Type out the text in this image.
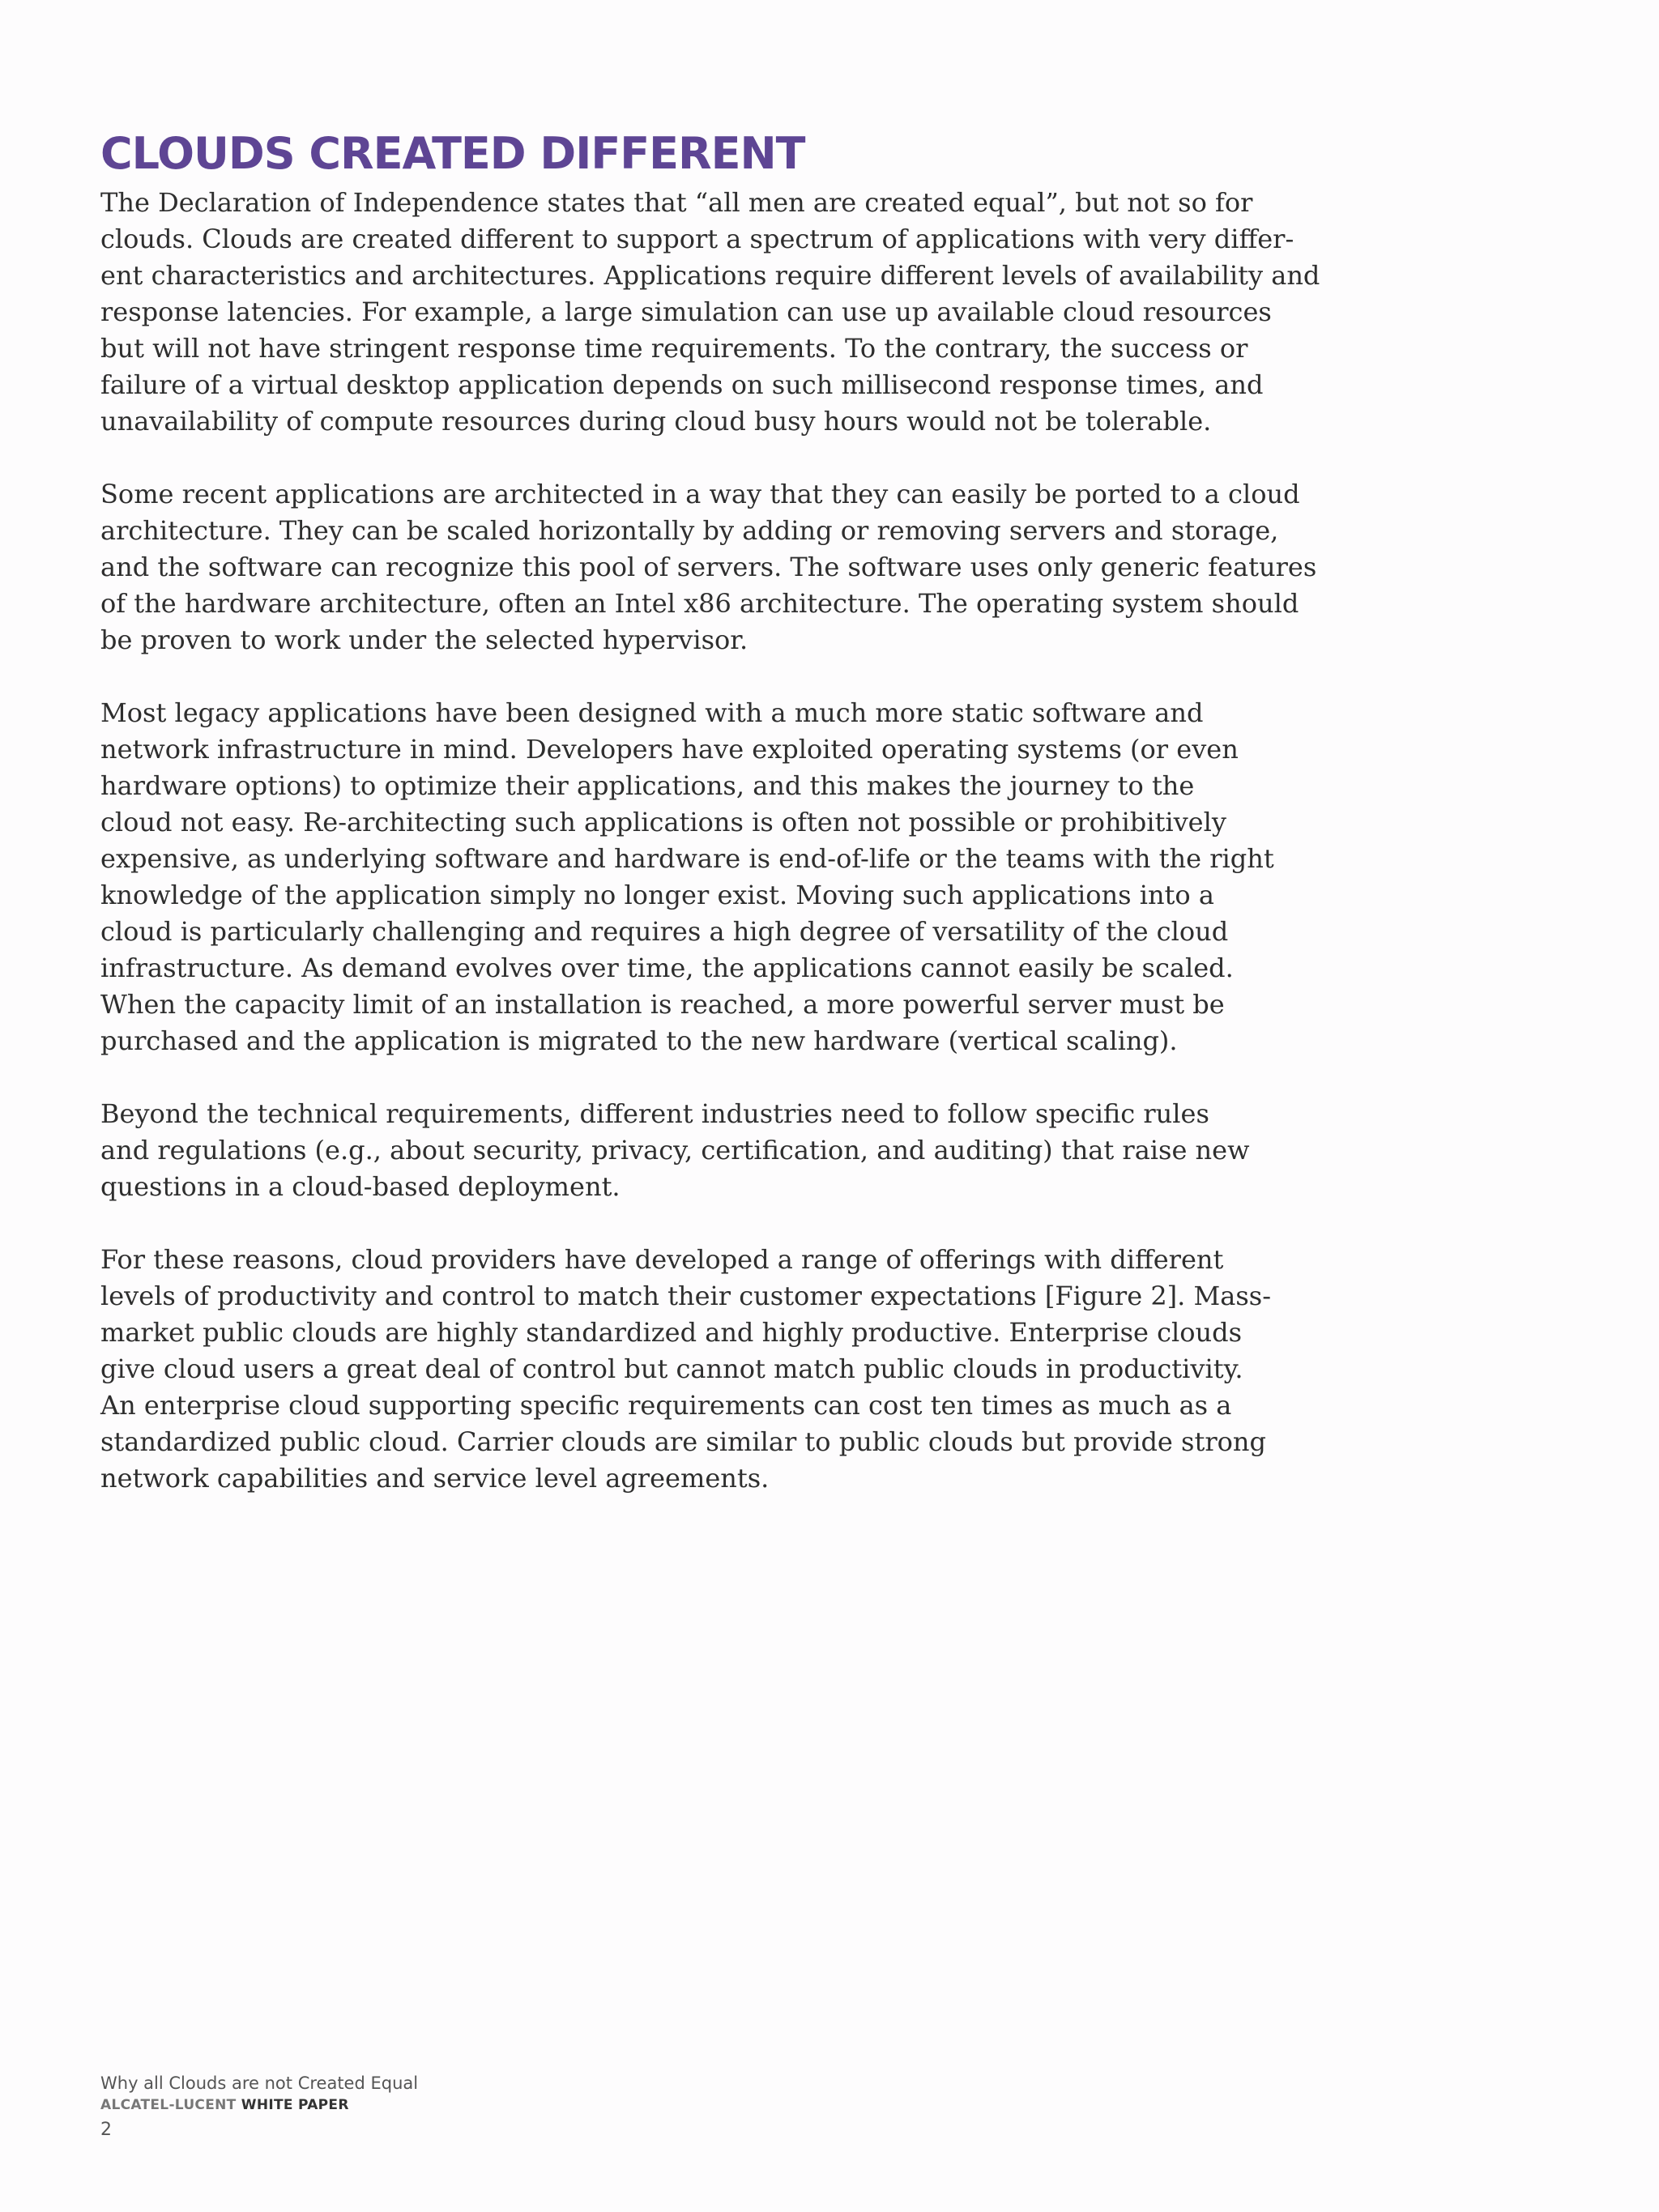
CLOUDS CREATED DIFFERENT

The Declaration of Independence states that “all men are created equal”, but not so for
clouds. Clouds are created different to support a spectrum of applications with very differ-
ent characteristics and architectures. Applications require different levels of availability and
response latencies. For example, a large simulation can use up available cloud resources
but will not have stringent response time requirements. To the contrary, the success or
failure of a virtual desktop application depends on such millisecond response times, and
unavailability of compute resources during cloud busy hours would not be tolerable.

Some recent applications are architected in a way that they can easily be ported to a cloud
architecture. They can be scaled horizontally by adding or removing servers and storage,
and the software can recognize this pool of servers. The software uses only generic features
of the hardware architecture, often an Intel x86 architecture. The operating system should
be proven to work under the selected hypervisor.

Most legacy applications have been designed with a much more static software and
network infrastructure in mind. Developers have exploited operating systems (or even
hardware options) to optimize their applications, and this makes the journey to the
cloud not easy. Re-architecting such applications is often not possible or prohibitively
expensive, as underlying software and hardware is end-of-life or the teams with the right
knowledge of the application simply no longer exist. Moving such applications into a
cloud is particularly challenging and requires a high degree of versatility of the cloud
infrastructure. As demand evolves over time, the applications cannot easily be scaled.
When the capacity limit of an installation is reached, a more powerful server must be
purchased and the application is migrated to the new hardware (vertical scaling).

Beyond the technical requirements, different industries need to follow specific rules
and regulations (e.g., about security, privacy, certification, and auditing) that raise new
questions in a cloud-based deployment.

For these reasons, cloud providers have developed a range of offerings with different
levels of productivity and control to match their customer expectations [Figure 2]. Mass-
market public clouds are highly standardized and highly productive. Enterprise clouds
give cloud users a great deal of control but cannot match public clouds in productivity.
An enterprise cloud supporting specific requirements can cost ten times as much as a
standardized public cloud. Carrier clouds are similar to public clouds but provide strong
network capabilities and service level agreements.

Why all Clouds are not Created Equal
ALCATEL-LUCENT WHITE PAPER
2
